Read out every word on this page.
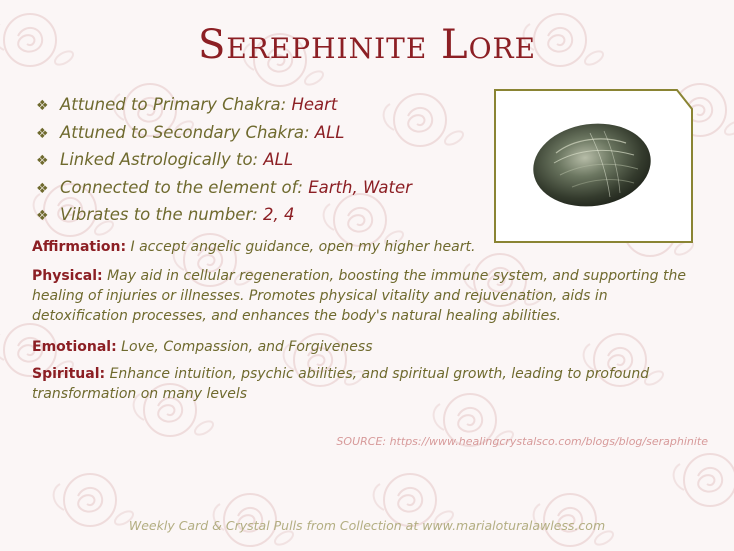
Serephinite Lore
❖ Attuned to Primary Chakra: Heart
❖ Attuned to Secondary Chakra: ALL
❖ Linked Astrologically to: ALL
❖ Connected to the element of: Earth, Water
❖ Vibrates to the number: 2, 4
Affirmation: I accept angelic guidance, open my higher heart.
Physical: May aid in cellular regeneration, boosting the immune system, and supporting the healing of injuries or illnesses. Promotes physical vitality and rejuvenation, aids in detoxification processes, and enhances the body's natural healing abilities.
Emotional: Love, Compassion, and Forgiveness
Spiritual: Enhance intuition, psychic abilities, and spiritual growth, leading to profound transformation on many levels
SOURCE: https://www.healingcrystalsco.com/blogs/blog/seraphinite
Weekly Card & Crystal Pulls from Collection at www.marialoturalawless.com
